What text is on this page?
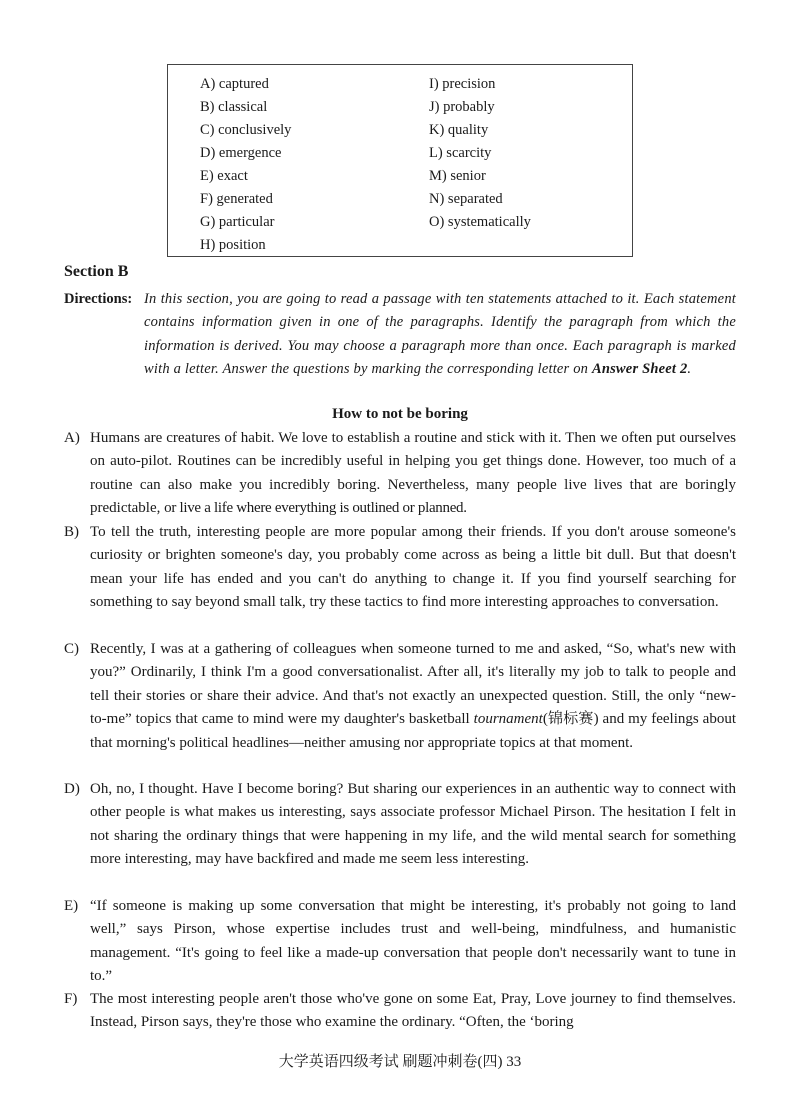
A) captured
B) classical
C) conclusively
D) emergence
E) exact
F) generated
G) particular
H) position
I) precision
J) probably
K) quality
L) scarcity
M) senior
N) separated
O) systematically
Section B
Directions: In this section, you are going to read a passage with ten statements attached to it. Each statement contains information given in one of the paragraphs. Identify the paragraph from which the information is derived. You may choose a paragraph more than once. Each paragraph is marked with a letter. Answer the questions by marking the corresponding letter on Answer Sheet 2.
How to not be boring
A) Humans are creatures of habit. We love to establish a routine and stick with it. Then we often put ourselves on auto-pilot. Routines can be incredibly useful in helping you get things done. However, too much of a routine can also make you incredibly boring. Nevertheless, many people live lives that are boringly predictable, or live a life where everything is outlined or planned.
B) To tell the truth, interesting people are more popular among their friends. If you don't arouse someone's curiosity or brighten someone's day, you probably come across as being a little bit dull. But that doesn't mean your life has ended and you can't do anything to change it. If you find yourself searching for something to say beyond small talk, try these tactics to find more interesting approaches to conversation.
C) Recently, I was at a gathering of colleagues when someone turned to me and asked, “So, what's new with you?” Ordinarily, I think I'm a good conversationalist. After all, it's literally my job to talk to people and tell their stories or share their advice. And that's not exactly an unexpected question. Still, the only “new-to-me” topics that came to mind were my daughter's basketball tournament(锦标赛) and my feelings about that morning's political headlines—neither amusing nor appropriate topics at that moment.
D) Oh, no, I thought. Have I become boring? But sharing our experiences in an authentic way to connect with other people is what makes us interesting, says associate professor Michael Pirson. The hesitation I felt in not sharing the ordinary things that were happening in my life, and the wild mental search for something more interesting, may have backfired and made me seem less interesting.
E) “If someone is making up some conversation that might be interesting, it's probably not going to land well,” says Pirson, whose expertise includes trust and well-being, mindfulness, and humanistic management. “It's going to feel like a made-up conversation that people don't necessarily want to tune in to.”
F) The most interesting people aren't those who've gone on some Eat, Pray, Love journey to find themselves. Instead, Pirson says, they're those who examine the ordinary. “Often, the ‘boring
大学英语四级考试 刷题冲刺卷(四) 33
